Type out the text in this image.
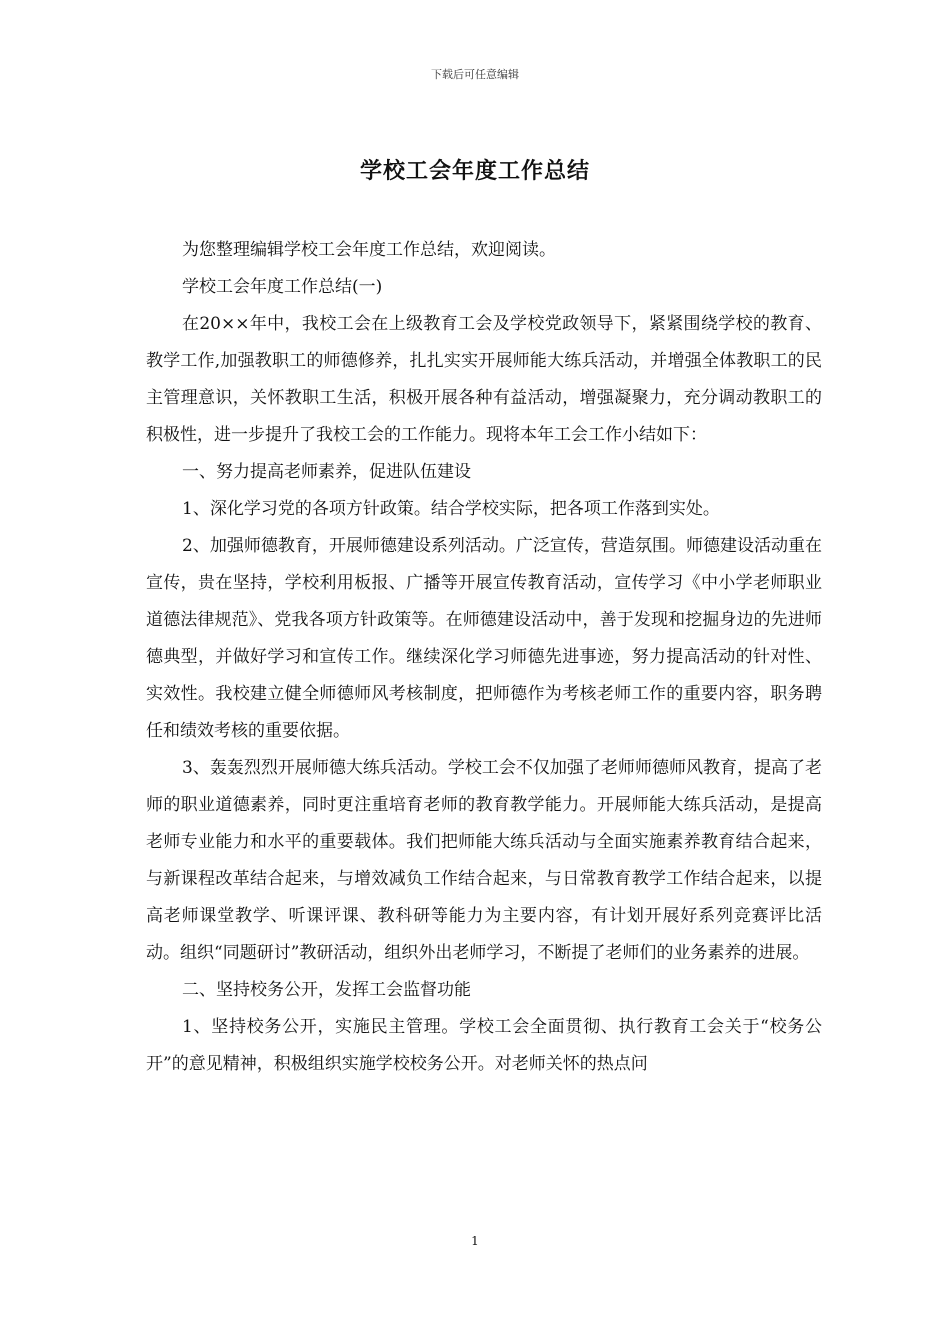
下载后可任意编辑
学校工会年度工作总结

为您整理编辑学校工会年度工作总结，欢迎阅读。

学校工会年度工作总结(一)

在20××年中，我校工会在上级教育工会及学校党政领导下，紧紧围绕学校的教育、教学工作,加强教职工的师德修养，扎扎实实开展师能大练兵活动，并增强全体教职工的民主管理意识，关怀教职工生活，积极开展各种有益活动，增强凝聚力，充分调动教职工的积极性，进一步提升了我校工会的工作能力。现将本年工会工作小结如下：

一、努力提高老师素养，促进队伍建设

1、深化学习党的各项方针政策。结合学校实际，把各项工作落到实处。

2、加强师德教育，开展师德建设系列活动。广泛宣传，营造氛围。师德建设活动重在宣传，贵在坚持，学校利用板报、广播等开展宣传教育活动，宣传学习《中小学老师职业道德法律规范》、党我各项方针政策等。在师德建设活动中，善于发现和挖掘身边的先进师德典型，并做好学习和宣传工作。继续深化学习师德先进事迹，努力提高活动的针对性、实效性。我校建立健全师德师风考核制度，把师德作为考核老师工作的重要内容，职务聘任和绩效考核的重要依据。

3、轰轰烈烈开展师德大练兵活动。学校工会不仅加强了老师师德师风教育，提高了老师的职业道德素养，同时更注重培育老师的教育教学能力。开展师能大练兵活动，是提高老师专业能力和水平的重要载体。我们把师能大练兵活动与全面实施素养教育结合起来，与新课程改革结合起来，与增效减负工作结合起来，与日常教育教学工作结合起来，以提高老师课堂教学、听课评课、教科研等能力为主要内容，有计划开展好系列竞赛评比活动。组织“同题研讨”教研活动，组织外出老师学习，不断提了老师们的业务素养的进展。

二、坚持校务公开，发挥工会监督功能

1、坚持校务公开，实施民主管理。学校工会全面贯彻、执行教育工会关于“校务公开”的意见精神，积极组织实施学校校务公开。对老师关怀的热点问

1
